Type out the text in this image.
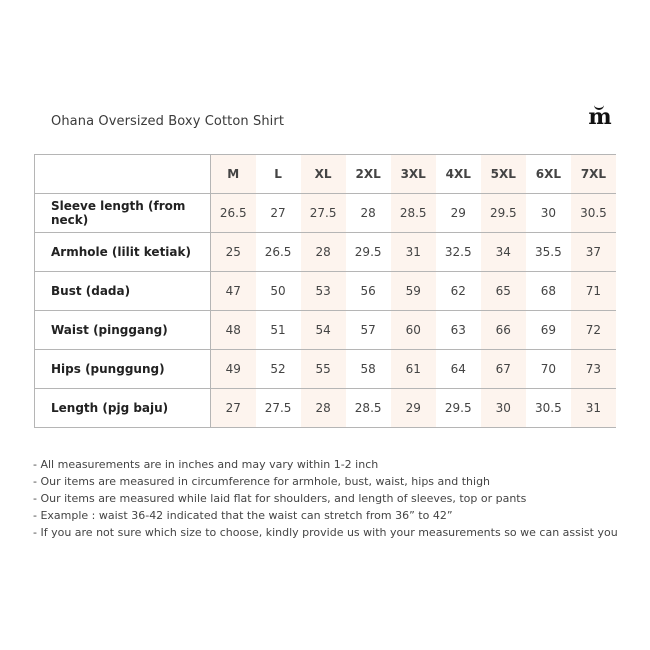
Ohana Oversized Boxy Cotton Shirt	m
	M	L	XL	2XL	3XL	4XL	5XL	6XL	7XL
Sleeve length (from neck)	26.5	27	27.5	28	28.5	29	29.5	30	30.5
Armhole (lilit ketiak)	25	26.5	28	29.5	31	32.5	34	35.5	37
Bust (dada)	47	50	53	56	59	62	65	68	71
Waist (pinggang)	48	51	54	57	60	63	66	69	72
Hips (punggung)	49	52	55	58	61	64	67	70	73
Length (pjg baju)	27	27.5	28	28.5	29	29.5	30	30.5	31
- All measurements are in inches and may vary within 1-2 inch
- Our items are measured in circumference for armhole, bust, waist, hips and thigh
- Our items are measured while laid flat for shoulders, and length of sleeves, top or pants
- Example : waist 36-42 indicated that the waist can stretch from 36” to 42”
- If you are not sure which size to choose, kindly provide us with your measurements so we can assist you
